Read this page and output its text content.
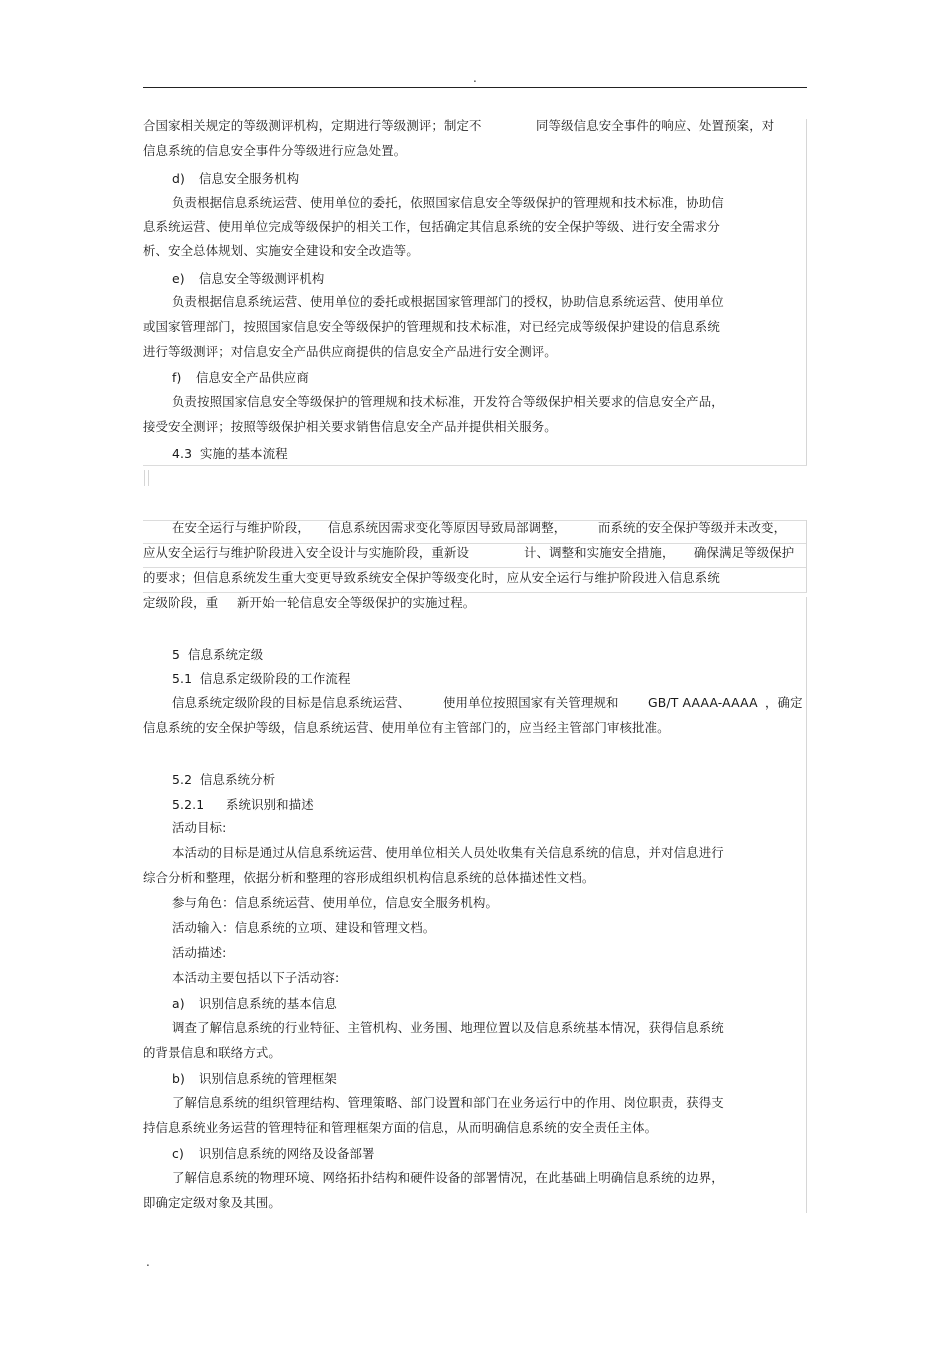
.
合国家相关规定的等级测评机构，定期进行等级测评；制定不	同等级信息安全事件的响应、处置预案，对
信息系统的信息安全事件分等级进行应急处置。
d) 信息安全服务机构
负责根据信息系统运营、使用单位的委托，依照国家信息安全等级保护的管理规和技术标准，协助信
息系统运营、使用单位完成等级保护的相关工作，包括确定其信息系统的安全保护等级、进行安全需求分
析、安全总体规划、实施安全建设和安全改造等。
e) 信息安全等级测评机构
负责根据信息系统运营、使用单位的委托或根据国家管理部门的授权，协助信息系统运营、使用单位
或国家管理部门，按照国家信息安全等级保护的管理规和技术标准，对已经完成等级保护建设的信息系统
进行等级测评；对信息安全产品供应商提供的信息安全产品进行安全测评。
f) 信息安全产品供应商
负责按照国家信息安全等级保护的管理规和技术标准，开发符合等级保护相关要求的信息安全产品，
接受安全测评；按照等级保护相关要求销售信息安全产品并提供相关服务。
4.3 实施的基本流程
在安全运行与维护阶段， 信息系统因需求变化等原因导致局部调整，	而系统的安全保护等级并未改变，
应从安全运行与维护阶段进入安全设计与实施阶段，重新设	计、调整和实施安全措施， 确保满足等级保护
的要求；但信息系统发生重大变更导致系统安全保护等级变化时，应从安全运行与维护阶段进入信息系统
定级阶段，重 新开始一轮信息安全等级保护的实施过程。
5 信息系统定级
5.1 信息系定级阶段的工作流程
信息系统定级阶段的目标是信息系统运营、	使用单位按照国家有关管理规和 GB/T AAAA-AAAA ，确定
信息系统的安全保护等级，信息系统运营、使用单位有主管部门的，应当经主管部门审核批准。
5.2 信息系统分析
5.2.1 系统识别和描述
活动目标:
本活动的目标是通过从信息系统运营、使用单位相关人员处收集有关信息系统的信息，并对信息进行
综合分析和整理，依据分析和整理的容形成组织机构信息系统的总体描述性文档。
参与角色：信息系统运营、使用单位，信息安全服务机构。
活动输入：信息系统的立项、建设和管理文档。
活动描述:
本活动主要包括以下子活动容:
a) 识别信息系统的基本信息
调查了解信息系统的行业特征、主管机构、业务围、地理位置以及信息系统基本情况，获得信息系统
的背景信息和联络方式。
b) 识别信息系统的管理框架
了解信息系统的组织管理结构、管理策略、部门设置和部门在业务运行中的作用、岗位职责，获得支
持信息系统业务运营的管理特征和管理框架方面的信息，从而明确信息系统的安全责任主体。
c) 识别信息系统的网络及设备部署
了解信息系统的物理环境、网络拓扑结构和硬件设备的部署情况，在此基础上明确信息系统的边界，
即确定定级对象及其围。
.
